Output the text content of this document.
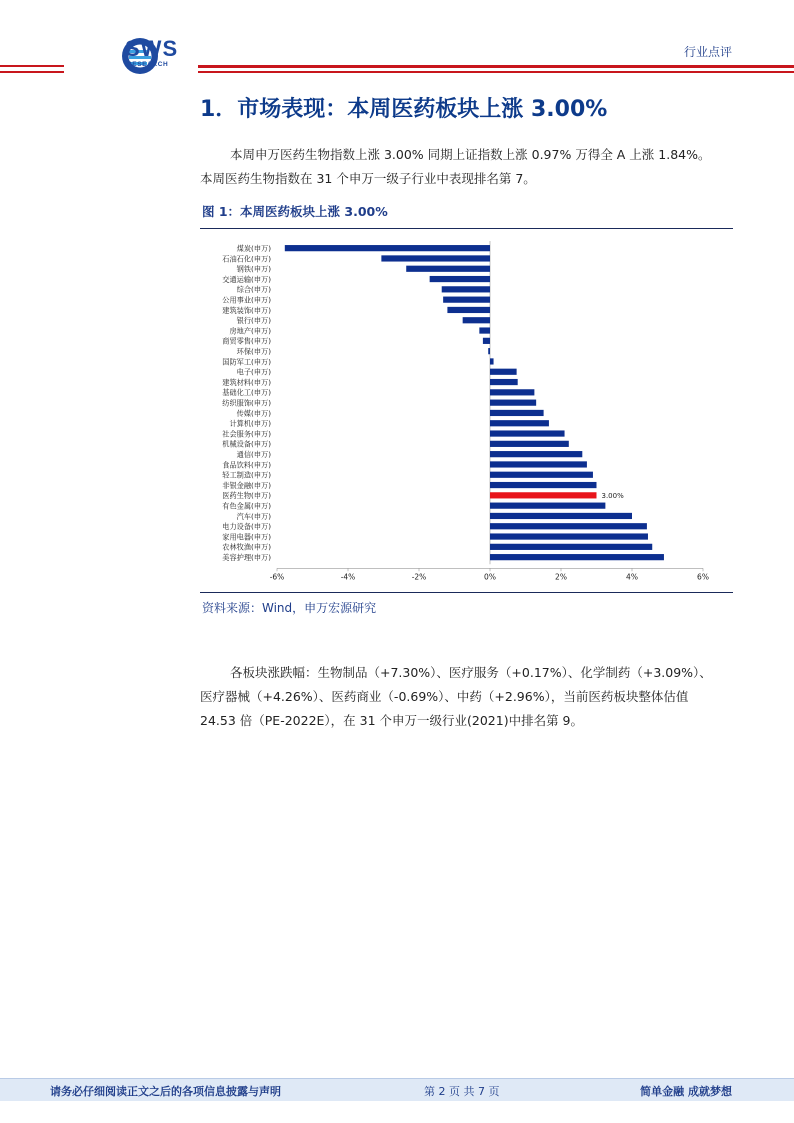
SWS
RESEARCH
行业点评
1．市场表现：本周医药板块上涨 3.00%
本周申万医药生物指数上涨 3.00% 同期上证指数上涨 0.97% 万得全 A 上涨 1.84%。
本周医药生物指数在 31 个申万一级子行业中表现排名第 7。
图 1：本周医药板块上涨 3.00%
煤炭(申万)
石油石化(申万)
钢铁(申万)
交通运输(申万)
综合(申万)
公用事业(申万)
建筑装饰(申万)
银行(申万)
房地产(申万)
商贸零售(申万)
环保(申万)
国防军工(申万)
电子(申万)
建筑材料(申万)
基础化工(申万)
纺织服饰(申万)
传媒(申万)
计算机(申万)
社会服务(申万)
机械设备(申万)
通信(申万)
食品饮料(申万)
轻工制造(申万)
非银金融(申万)
医药生物(申万)	3.00%
有色金属(申万)
汽车(申万)
电力设备(申万)
家用电器(申万)
农林牧渔(申万)
美容护理(申万)
-6%	-4%	-2%	0%	2%	4%	6%
资料来源：Wind，申万宏源研究
各板块涨跌幅：生物制品（+7.30%）、医疗服务（+0.17%）、化学制药（+3.09%）、
医疗器械（+4.26%）、医药商业（-0.69%）、中药（+2.96%），当前医药板块整体估值
24.53 倍（PE-2022E），在 31 个申万一级行业(2021)中排名第 9。
请务必仔细阅读正文之后的各项信息披露与声明	第 2 页 共 7 页	简单金融 成就梦想
